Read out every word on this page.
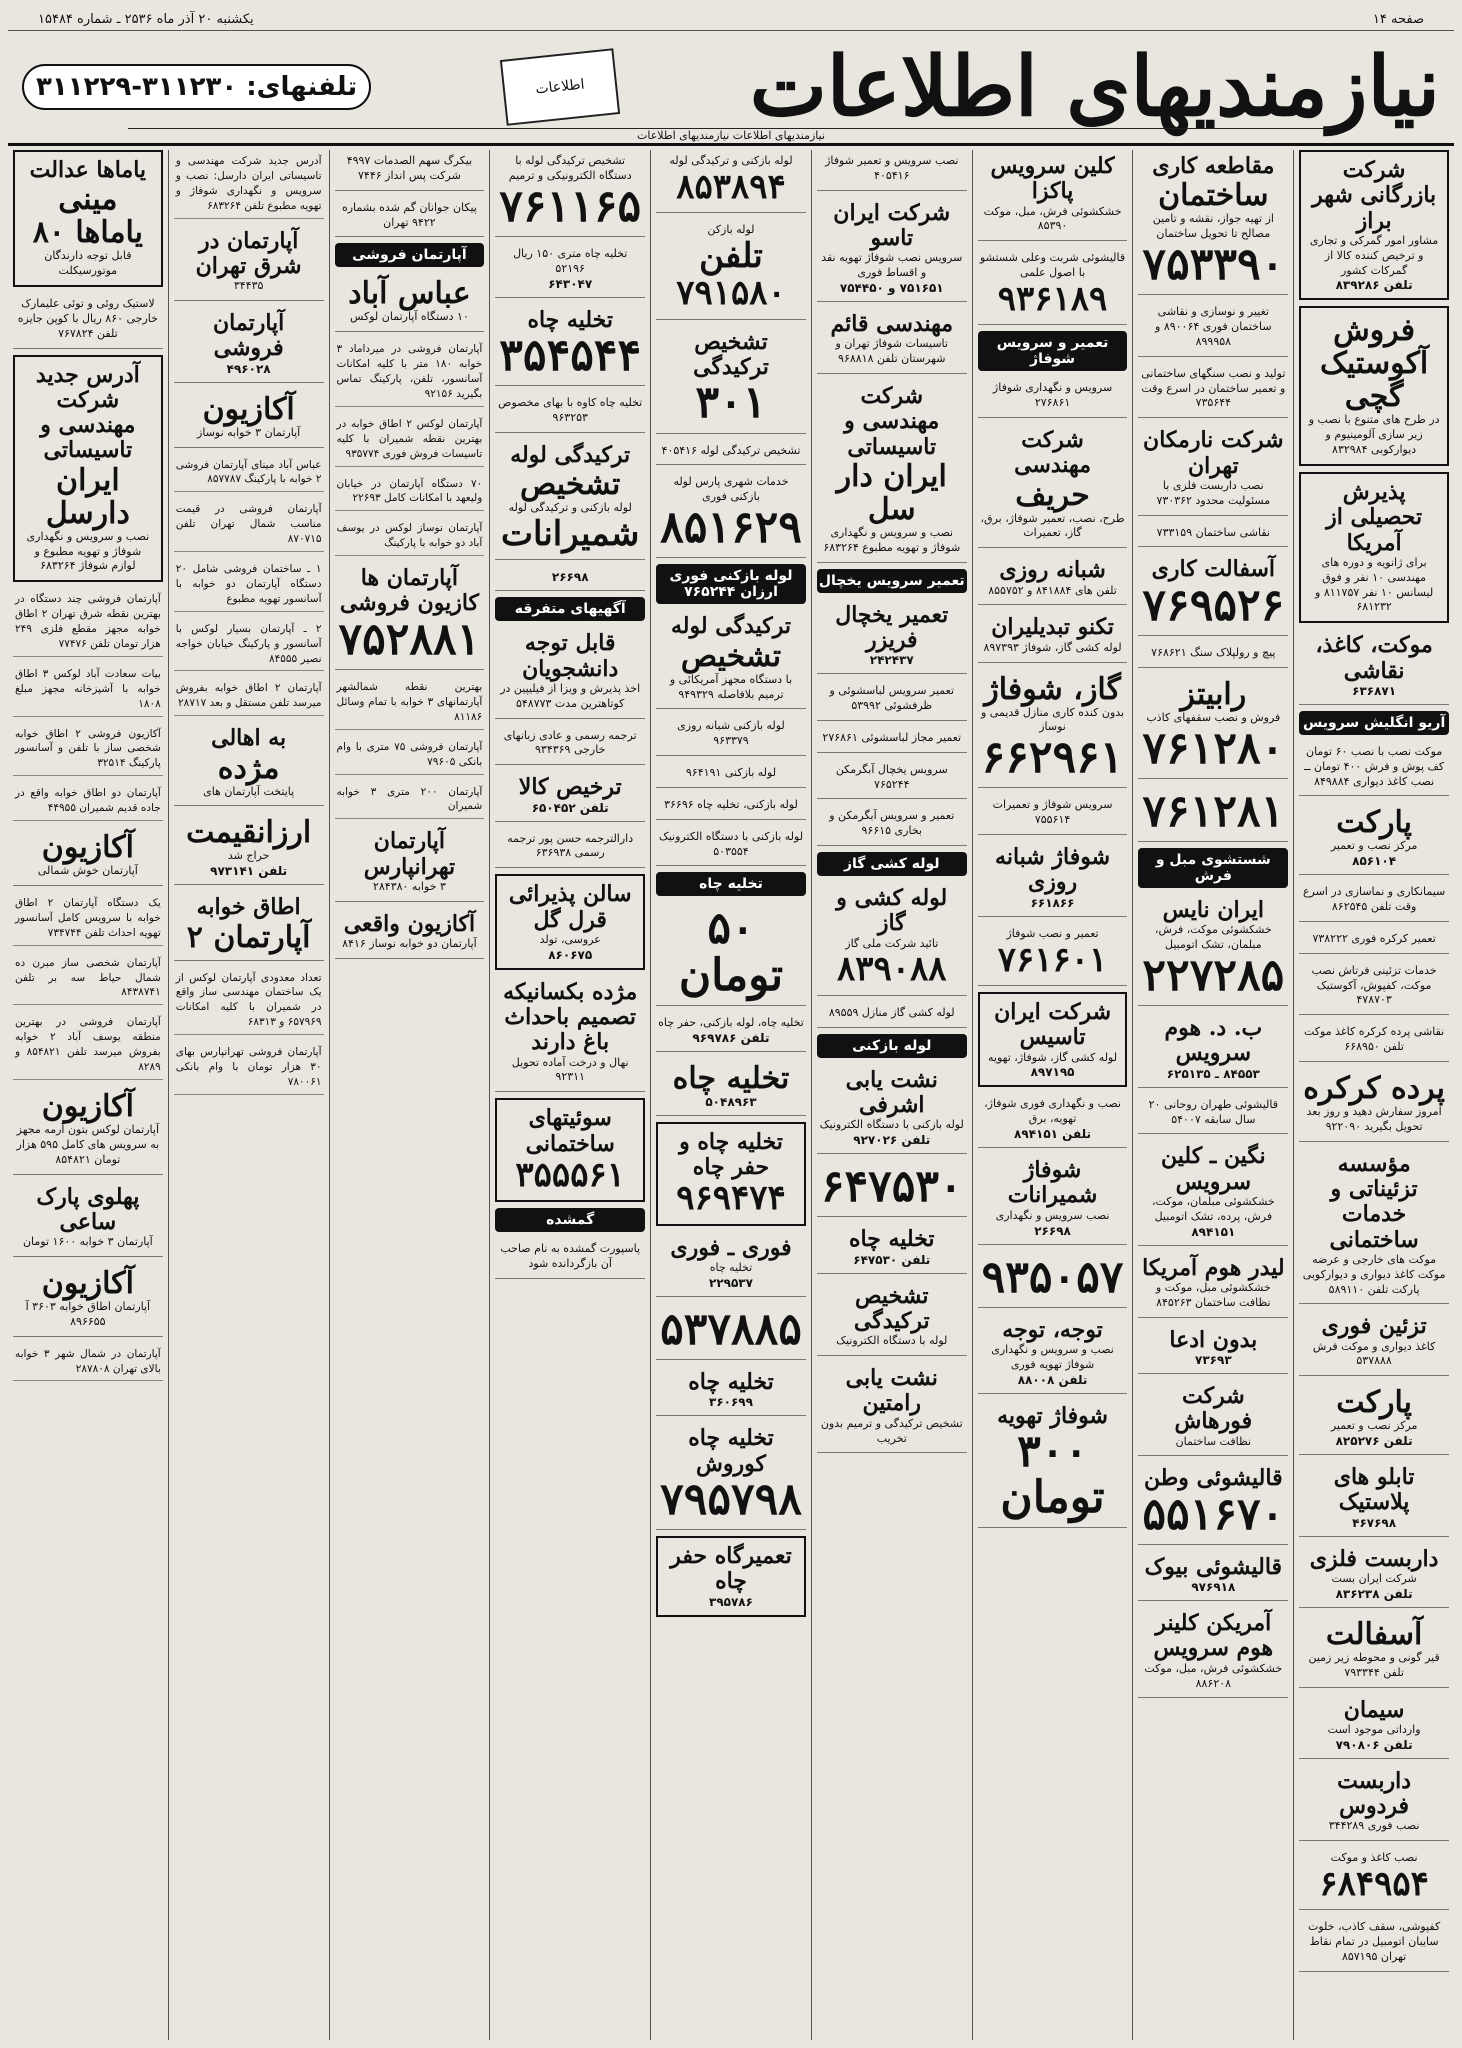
صفحه ۱۴
یکشنبه ۲۰ آذر ماه ۲۵۳۶ ـ شماره ۱۵۴۸۴
نیازمندیهای اطلاعات
اطلاعات
تلفنهای: ۳۱۱۲۳۰-۳۱۱۲۲۹
نیازمندیهای اطلاعات نیازمندیهای اطلاعات
شرکت بازرگانی شهر براز
مشاور امور گمرکی و تجاری و ترخیص کننده کالا از گمرکات کشور
تلفن ۸۳۹۲۸۶
فروش آکوستیک گچی
در طرح های متنوع با نصب و زیر سازی آلومینیوم و دیوارکوبی ۸۳۲۹۸۴
پذیرش تحصیلی از آمریکا
برای ژانویه و دوره های مهندسی ۱۰ نفر و فوق لیسانس ۱۰ نفر ۸۱۱۷۵۷ و ۶۸۱۲۳۲
موکت، کاغذ، نقاشی
۶۳۶۸۷۱
آریو انگلیش سرویس
موکت نصب با نصب ۶۰ تومان کف پوش و فرش ۴۰۰ تومان ــ نصب کاغذ دیواری ۸۴۹۸۸۴
پارکت
مرکز نصب و تعمیر
۸۵۶۱۰۴
سیمانکاری و نماسازی در اسرع وقت تلفن ۸۶۲۵۴۵
تعمیر کرکره فوری ۷۳۸۲۲۲
خدمات تزئینی فرتاش نصب موکت، کفپوش، آکوستیک ۴۷۸۷۰۳
نقاشی پرده کرکره کاغذ موکت تلفن ۶۶۸۹۵۰
پرده کرکره
امروز سفارش دهید و روز بعد تحویل بگیرید ۹۲۲۰۹۰
مؤسسه تزئیناتی و خدمات ساختمانی
موکت های خارجی و عرضه موکت کاغذ دیواری و دیوارکوبی پارکت تلفن ۵۸۹۱۱۰
تزئین فوری
کاغذ دیواری و موکت فرش ۵۳۷۸۸۸
پارکت
مرکز نصب و تعمیر
تلفن ۸۲۵۲۷۶
تابلو های پلاستیک
۴۶۷۶۹۸
داربست فلزی
شرکت ایران بست
تلفن ۸۳۶۲۳۸
آسفالت
قیر گونی و محوطه زیر زمین تلفن ۷۹۳۳۴۴
سیمان
وارداتی موجود است
تلفن ۷۹۰۸۰۶
داربست فردوس
نصب فوری ۳۴۴۲۸۹
نصب کاغذ و موکت
۶۸۴۹۵۴
کفپوشی، سقف کاذب، خلوت سایبان اتومبیل در تمام نقاط تهران ۸۵۷۱۹۵
مقاطعه کاری
ساختمان
از تهیه جواز، نقشه و تامین مصالح تا تحویل ساختمان
۷۵۳۳۹۰
تغییر و نوسازی و نقاشی ساختمان فوری ۸۹۰۰۶۴ و ۸۹۹۹۵۸
تولید و نصب سنگهای ساختمانی و تعمیر ساختمان در اسرع وقت ۷۳۵۶۴۴
شرکت نارمکان تهران
نصب داربست فلزی با مسئولیت محدود ۷۳۰۳۶۲
نقاشی ساختمان ۷۳۳۱۵۹
آسفالت کاری
۷۶۹۵۲۶
پیچ و رولپلاک سنگ ۷۶۸۶۲۱
رابیتز
فروش و نصب سقفهای کاذب
۷۶۱۲۸۰
۷۶۱۲۸۱
شستشوی مبل و فرش
ایران نایس
خشکشوئی موکت، فرش، مبلمان، تشک اتومبیل
۲۲۷۲۸۵
ب. د. هوم سرویس
۸۴۵۵۳ ـ ۶۲۵۱۳۵
قالیشوئی طهران روحانی ۲۰ سال سابقه ۵۴۰۰۷
نگین ـ کلین سرویس
خشکشوئی مبلمان، موکت، فرش، پرده، تشک اتومبیل
۸۹۴۱۵۱
لیدر هوم آمریکا
خشکشوئی مبل، موکت و نظافت ساختمان ۸۴۵۲۶۳
بدون ادعا
۷۳۶۹۳
شرکت فورهاش
نظافت ساختمان
قالیشوئی وطن
۵۵۱۶۷۰
قالیشوئی بیوک
۹۷۶۹۱۸
آمریکن کلینر هوم سرویس
خشکشوئی فرش، مبل، موکت ۸۸۶۲۰۸
کلین سرویس پاکزا
خشکشوئی فرش، مبل، موکت ۸۵۳۹۰
قالیشوئی شربت وعلی شستشو با اصول علمی
۹۳۶۱۸۹
تعمیر و سرویس شوفاژ
سرویس و نگهداری شوفاژ ۲۷۶۸۶۱
شرکت مهندسی
حریف
طرح، نصب، تعمیر شوفاژ، برق، گاز، تعمیرات
شبانه روزی
تلفن های ۸۴۱۸۸۴ و ۸۵۵۷۵۲
تکنو تبدیلیران
لوله کشی گاز، شوفاژ ۸۹۷۳۹۳
گاز، شوفاژ
بدون کنده کاری منازل قدیمی و نوساز
۶۶۲۹۶۱
سرویس شوفاژ و تعمیرات ۷۵۵۶۱۴
شوفاژ شبانه روزی
۶۶۱۸۶۶
تعمیر و نصب شوفاژ
۷۶۱۶۰۱
شرکت ایران تاسیس
لوله کشی گاز، شوفاژ، تهویه
۸۹۷۱۹۵
نصب و نگهداری فوری شوفاژ، تهویه، برق
تلفن ۸۹۴۱۵۱
شوفاژ شمیرانات
نصب سرویس و نگهداری
۲۶۶۹۸
۹۳۵۰۵۷
توجه، توجه
نصب و سرویس و نگهداری شوفاژ تهویه فوری
تلفن ۸۸۰۰۸
شوفاژ تهویه
۳۰۰ تومان
نصب سرویس و تعمیر شوفاژ ۴۰۵۴۱۶
شرکت ایران تاسو
سرویس نصب شوفاژ تهویه نقد و اقساط فوری
۷۵۱۶۵۱ و ۷۵۴۴۵۰
مهندسی قائم
تاسیسات شوفاژ تهران و شهرستان تلفن ۹۶۸۸۱۸
شرکت مهندسی و تاسیساتی
ایران دار سل
نصب و سرویس و نگهداری شوفاژ و تهویه مطبوع ۶۸۳۲۶۴
تعمیر سرویس یخچال
تعمیر یخچال فریزر
۲۴۲۴۳۷
تعمیر سرویس لباسشوئی و ظرفشوئی ۵۳۹۹۲
تعمیر مجاز لباسشوئی ۲۷۶۸۶۱
سرویس یخچال آبگرمکن ۷۶۵۲۴۴
تعمیر و سرویس آبگرمکن و بخاری ۹۶۶۱۵
لوله کشی گاز
لوله کشی و گاز
تائید شرکت ملی گاز
۸۳۹۰۸۸
لوله کشی گاز منازل ۸۹۵۵۹
لوله بازکنی
نشت یابی اشرفی
لوله بازکنی با دستگاه الکترونیک
تلفن ۹۲۷۰۲۶
۶۴۷۵۳۰
تخلیه چاه
تلفن ۶۴۷۵۳۰
تشخیص ترکیدگی
لوله با دستگاه الکترونیک
نشت یابی رامتین
تشخیص ترکیدگی و ترمیم بدون تخریب
لوله بازکنی و ترکیدگی لوله
۸۵۳۸۹۴
لوله بازکن
تلفن ۷۹۱۵۸۰
تشخیص ترکیدگی
۳۰۱
تشخیص ترکیدگی لوله ۴۰۵۴۱۶
خدمات شهری پارس لوله بازکنی فوری
۸۵۱۶۲۹
لوله بازکنی فوری ارزان ۷۶۵۲۴۴
ترکیدگی لوله
تشخیص
با دستگاه مجهز آمریکائی و ترمیم بلافاصله ۹۴۹۳۲۹
لوله بازکنی شبانه روزی ۹۶۳۳۷۹
لوله بازکنی ۹۶۴۱۹۱
لوله بازکنی، تخلیه چاه ۳۶۶۹۶
لوله بازکنی با دستگاه الکترونیک ۵۰۳۵۵۴
تخلیه چاه
۵۰ تومان
تخلیه چاه، لوله بازکنی، حفر چاه
تلفن ۹۶۹۷۸۶
تخلیه چاه
۵۰۴۸۹۶۳
تخلیه چاه و حفر چاه
۹۶۹۴۷۴
فوری ـ فوری
تخلیه چاه
۲۲۹۵۳۷
۵۳۷۸۸۵
تخلیه چاه
۳۶۰۶۹۹
تخلیه چاه کوروش
۷۹۵۷۹۸
تعمیرگاه حفر چاه
۳۹۵۷۸۶
تشخیص ترکیدگی لوله با دستگاه الکترونیکی و ترمیم
۷۶۱۱۶۵
تخلیه چاه متری ۱۵۰ ریال ۵۲۱۹۶
۶۴۳۰۴۷
تخلیه چاه
۳۵۴۵۴۴
تخلیه چاه کاوه با بهای مخصوص ۹۶۳۲۵۳
ترکیدگی لوله
تشخیص
لوله بازکنی و ترکیدگی لوله
شمیرانات
۲۶۶۹۸
آگهیهای متفرقه
قابل توجه دانشجویان
اخذ پذیرش و ویزا از فیلیپین در کوتاهترین مدت ۵۴۸۷۷۳
ترجمه رسمی و عادی زبانهای خارجی ۹۳۴۳۶۹
ترخیص کالا
تلفن ۶۵۰۴۵۲
دارالترجمه حسن پور ترجمه رسمی ۶۳۶۹۳۸
سالن پذیرائی قرل گل
عروسی، تولد
۸۶۰۶۷۵
مژده بکسانیکه تصمیم باحداث باغ دارند
نهال و درخت آماده تحویل ۹۲۳۱۱
سوئیتهای ساختمانی
۳۵۵۵۶۱
گمشده
پاسپورت گمشده به نام صاحب آن بازگردانده شود
بیکرگ سهم الصدمات ۴۹۹۷ شرکت پس انداز ۷۴۴۶
پیکان جوانان گم شده بشماره ۹۴۲۲ تهران
آپارتمان فروشی
عباس آباد
۱۰ دستگاه آپارتمان لوکس
آپارتمان فروشی در میرداماد ۳ خوابه ۱۸۰ متر با کلیه امکانات آسانسور، تلفن، پارکینگ تماس بگیرید ۹۲۱۵۶
آپارتمان لوکس ۲ اطاق خوابه در بهترین نقطه شمیران با کلیه تاسیسات فروش فوری ۹۳۵۷۷۴
۷۰ دستگاه آپارتمان در خیابان ولیعهد با امکانات کامل ۲۲۶۹۳
آپارتمان نوساز لوکس در یوسف آباد دو خوابه با پارکینگ
آپارتمان ها کازیون فروشی
۷۵۲۸۸۱
بهترین نقطه شمالشهر آپارتمانهای ۳ خوابه با تمام وسائل ۸۱۱۸۶
آپارتمان فروشی ۷۵ متری با وام بانکی ۷۹۶۰۵
آپارتمان ۲۰۰ متری ۳ خوابه شمیران
آپارتمان تهرانپارس
۳ خوابه ۲۸۴۳۸۰
آکازیون واقعی
آپارتمان دو خوابه نوساز ۸۴۱۶
آدرس جدید شرکت مهندسی و تاسیساتی ایران دارسل: نصب و سرویس و نگهداری شوفاژ و تهویه مطبوع تلفن ۶۸۳۲۶۴
آپارتمان در شرق تهران
۳۴۴۳۵
آپارتمان فروشی
۴۹۶۰۲۸
آکازیون
آپارتمان ۳ خوابه نوساز
عباس آباد مینای آپارتمان فروشی ۲ خوابه با پارکینگ ۸۵۷۷۸۷
آپارتمان فروشی در قیمت مناسب شمال تهران تلفن ۸۷۰۷۱۵
۱ ـ ساختمان فروشی شامل ۲۰ دستگاه آپارتمان دو خوابه با آسانسور تهویه مطبوع
۲ ـ آپارتمان بسیار لوکس با آسانسور و پارکینگ خیابان خواجه نصیر ۸۴۵۵۵
آپارتمان ۲ اطاق خوابه بفروش میرسد تلفن مستقل و بعد ۲۸۷۱۷
به اهالی
مژده
پایتخت آپارتمان های
ارزانقیمت
حراج شد
تلفن ۹۷۳۱۴۱
اطاق خوابه
آپارتمان ۲
تعداد معدودی آپارتمان لوکس از یک ساختمان مهندسی ساز واقع در شمیران با کلیه امکانات ۶۵۷۹۶۹ و ۶۸۳۱۳
آپارتمان فروشی تهرانپارس بهای ۳۰ هزار تومان با وام بانکی ۷۸۰۰۶۱
یاماها عدالت
مینی یاماها ۸۰
قابل توجه دارندگان موتورسیکلت
لاستیک روئی و توئی علیمارک خارجی ۸۶۰ ریال با کوپن جایزه تلفن ۷۶۷۸۲۴
آدرس جدید شرکت مهندسی و تاسیساتی
ایران دارسل
نصب و سرویس و نگهداری شوفاژ و تهویه مطبوع و لوازم شوفاژ ۶۸۳۲۶۴
آپارتمان فروشی چند دستگاه در بهترین نقطه شرق تهران ۲ اطاق خوابه مجهز مقطع فلزی ۲۴۹ هزار تومان تلفن ۷۷۴۷۶
بیات سعادت آباد لوکس ۳ اطاق خوابه با آشپزخانه مجهز مبلغ ۱۸۰۸
آکازیون فروشی ۲ اطاق خوابه شخصی ساز با تلفن و آسانسور پارکینگ ۳۲۵۱۴
آپارتمان دو اطاق خوابه واقع در جاده قدیم شمیران ۴۴۹۵۵
آکازیون
آپارتمان خوش شمالی
یک دستگاه آپارتمان ۲ اطاق خوابه با سرویس کامل آسانسور تهویه احداث تلفن ۷۳۴۷۴۴
آپارتمان شخصی ساز مبرن ده شمال حیاط سه بر تلفن ۸۴۳۸۷۴۱
آپارتمان فروشی در بهترین منطقه یوسف آباد ۲ خوابه بفروش میرسد تلفن ۸۵۴۸۲۱ و ۸۲۸۹
آکازیون
آپارتمان لوکس بتون آرمه مجهز به سرویس های کامل ۵۹۵ هزار تومان ۸۵۴۸۲۱
پهلوی پارک ساعی
آپارتمان ۳ خوابه ۱۶۰۰ تومان
آکازیون
آپارتمان اطاق خوابه ۳۶۰۳ آ ۸۹۶۶۵۵
آپارتمان در شمال شهر ۳ خوابه بالای تهران ۲۸۷۸۰۸
